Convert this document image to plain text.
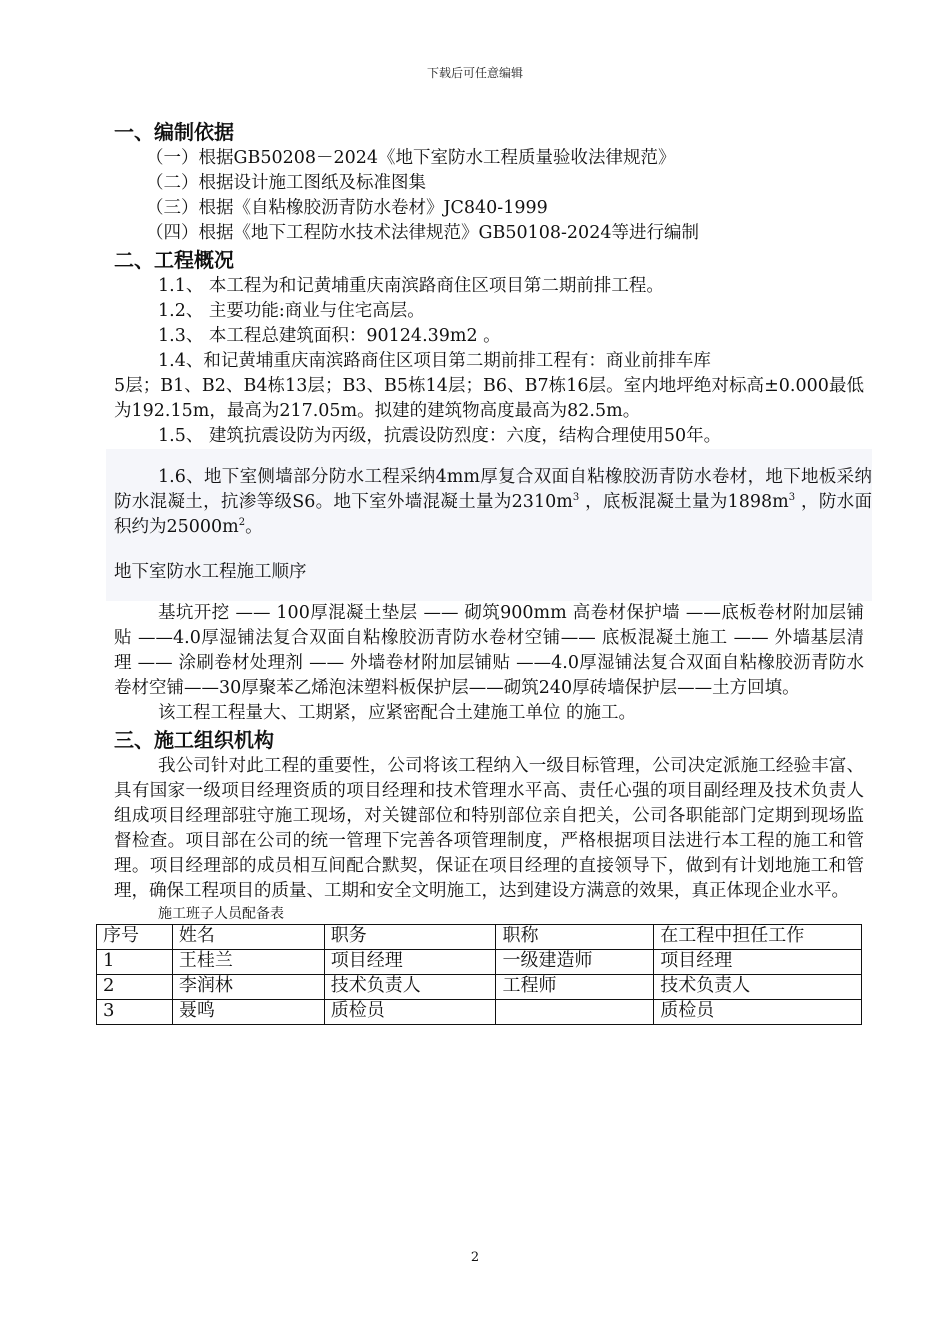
下载后可任意编辑

一、编制依据

（一）根据GB50208－2024《地下室防水工程质量验收法律规范》

（二）根据设计施工图纸及标准图集

（三）根据《自粘橡胶沥青防水卷材》JC840-1999

（四）根据《地下工程防水技术法律规范》GB50108-2024等进行编制

二、工程概况

1.1、 本工程为和记黄埔重庆南滨路商住区项目第二期前排工程。

1.2、 主要功能:商业与住宅高层。

1.3、 本工程总建筑面积：90124.39m2 。

1.4、和记黄埔重庆南滨路商住区项目第二期前排工程有：商业前排车库

5层；B1、B2、B4栋13层；B3、B5栋14层；B6、B7栋16层。室内地坪绝对标高±0.000最低为192.15m，最高为217.05m。拟建的建筑物高度最高为82.5m。

1.5、 建筑抗震设防为丙级，抗震设防烈度：六度，结构合理使用50年。

1.6、地下室侧墙部分防水工程采纳4mm厚复合双面自粘橡胶沥青防水卷材，地下地板采纳防水混凝土，抗渗等级S6。地下室外墙混凝土量为$2310m^3$ ，底板混凝土量为$1898m^3$ ，防水面积约为$25000m^2$。

地下室防水工程施工顺序

基坑开挖 —— 100厚混凝土垫层 —— 砌筑900mm 高卷材保护墙 ——底板卷材附加层铺贴 ——4.0厚湿铺法复合双面自粘橡胶沥青防水卷材空铺—— 底板混凝土施工 —— 外墙基层清理 —— 涂刷卷材处理剂 —— 外墙卷材附加层铺贴 ——4.0厚湿铺法复合双面自粘橡胶沥青防水卷材空铺——30厚聚苯乙烯泡沫塑料板保护层——砌筑240厚砖墙保护层——土方回填。

该工程工程量大、工期紧，应紧密配合土建施工单位 的施工。

三、施工组织机构

我公司针对此工程的重要性，公司将该工程纳入一级目标管理，公司决定派施工经验丰富、具有国家一级项目经理资质的项目经理和技术管理水平高、责任心强的项目副经理及技术负责人组成项目经理部驻守施工现场，对关键部位和特别部位亲自把关，公司各职能部门定期到现场监督检查。项目部在公司的统一管理下完善各项管理制度，严格根据项目法进行本工程的施工和管理。项目经理部的成员相互间配合默契，保证在项目经理的直接领导下，做到有计划地施工和管理，确保工程项目的质量、工期和安全文明施工，达到建设方满意的效果，真正体现企业水平。

施工班子人员配备表

序号	姓名	职务	职称	在工程中担任工作
1	王桂兰	项目经理	一级建造师	项目经理
2	李润林	技术负责人	工程师	技术负责人
3	聂鸣	质检员		质检员
2
